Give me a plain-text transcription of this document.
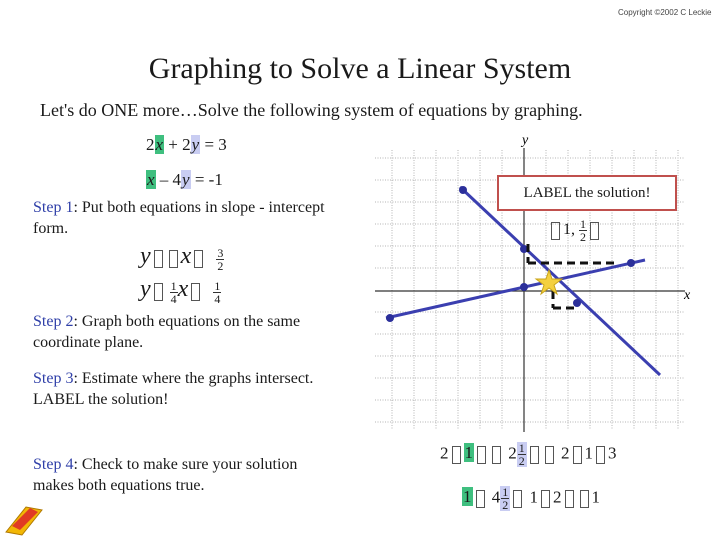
Copyright ©2002 C Leckie
Graphing to Solve a Linear System
Let's do ONE more…Solve the following system of equations by graphing.
2x + 2y = 3
x – 4y = -1
Step 1: Put both equations in slope - intercept form.
y x $\frac{3}{2}$
y $\frac{1}{4}$ x $\frac{1}{4}$
Step 2: Graph both equations on the same coordinate plane.
Step 3: Estimate where the graphs intersect. LABEL the solution!
Step 4: Check to make sure your solution makes both equations true.
y
x
LABEL the solution!
1, $\frac{1}{2}$
2 1 $2 \frac{1}{2} 2$ 1 3
1 $4 \frac{1}{2} 1$ 2 1
